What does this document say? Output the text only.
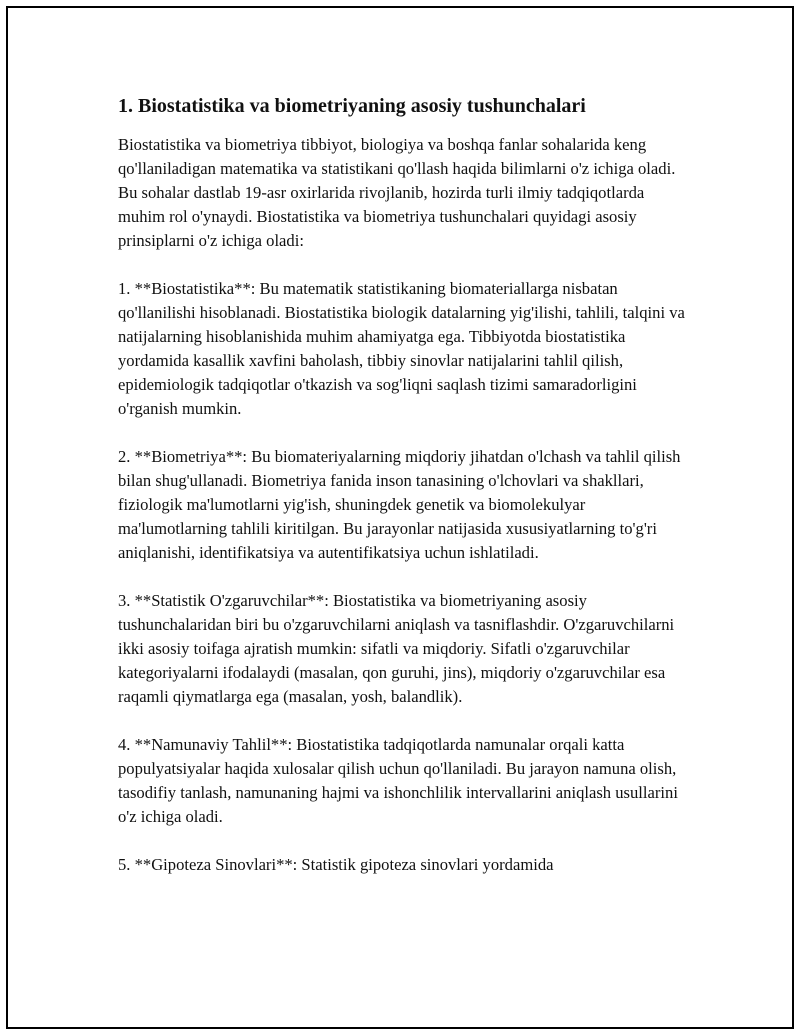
1. Biostatistika va biometriyaning asosiy tushunchalari

Biostatistika va biometriya tibbiyot, biologiya va boshqa fanlar sohalarida keng qo'llaniladigan matematika va statistikani qo'llash haqida bilimlarni o'z ichiga oladi. Bu sohalar dastlab 19-asr oxirlarida rivojlanib, hozirda turli ilmiy tadqiqotlarda muhim rol o'ynaydi. Biostatistika va biometriya tushunchalari quyidagi asosiy prinsiplarni o'z ichiga oladi:

1. **Biostatistika**: Bu matematik statistikaning biomateriallarga nisbatan qo'llanilishi hisoblanadi. Biostatistika biologik datalarning yig'ilishi, tahlili, talqini va natijalarning hisoblanishida muhim ahamiyatga ega. Tibbiyotda biostatistika yordamida kasallik xavfini baholash, tibbiy sinovlar natijalarini tahlil qilish, epidemiologik tadqiqotlar o'tkazish va sog'liqni saqlash tizimi samaradorligini o'rganish mumkin.

2. **Biometriya**: Bu biomateriyalarning miqdoriy jihatdan o'lchash va tahlil qilish bilan shug'ullanadi. Biometriya fanida inson tanasining o'lchovlari va shakllari, fiziologik ma'lumotlarni yig'ish, shuningdek genetik va biomolekulyar ma'lumotlarning tahlili kiritilgan. Bu jarayonlar natijasida xususiyatlarning to'g'ri aniqlanishi, identifikatsiya va autentifikatsiya uchun ishlatiladi.

3. **Statistik O'zgaruvchilar**: Biostatistika va biometriyaning asosiy tushunchalaridan biri bu o'zgaruvchilarni aniqlash va tasniflashdir. O'zgaruvchilarni ikki asosiy toifaga ajratish mumkin: sifatli va miqdoriy. Sifatli o'zgaruvchilar kategoriyalarni ifodalaydi (masalan, qon guruhi, jins), miqdoriy o'zgaruvchilar esa raqamli qiymatlarga ega (masalan, yosh, balandlik).

4. **Namunaviy Tahlil**: Biostatistika tadqiqotlarda namunalar orqali katta populyatsiyalar haqida xulosalar qilish uchun qo'llaniladi. Bu jarayon namuna olish, tasodifiy tanlash, namunaning hajmi va ishonchlilik intervallarini aniqlash usullarini o'z ichiga oladi.

5. **Gipoteza Sinovlari**: Statistik gipoteza sinovlari yordamida
